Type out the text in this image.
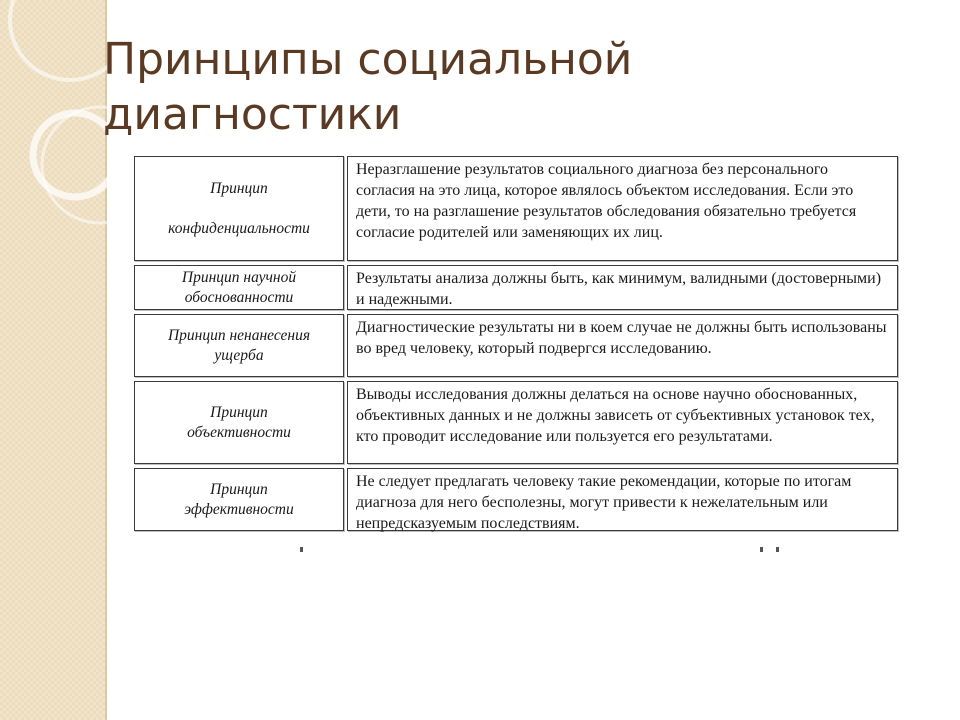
Принципы социальной
диагностики
Принцип
конфиденциальности
Неразглашение результатов социального диагноза без персонального согласия на это лица, которое являлось объектом исследования. Если это дети, то на разглашение результатов обследования обязательно требуется согласие родителей или заменяющих их лиц.
Принцип научной
обоснованности
Результаты анализа должны быть, как минимум, валидными (достоверными) и надежными.
Принцип ненанесения
ущерба
Диагностические результаты ни в коем случае не должны быть использованы во вред человеку, который подвергся исследованию.
Принцип
объективности
Выводы исследования должны делаться на основе научно обоснованных, объективных данных и не должны зависеть от субъективных установок тех, кто проводит исследование или пользуется его результатами.
Принцип
эффективности
Не следует предлагать человеку такие рекомендации, которые по итогам диагноза для него бесполезны, могут привести к нежелательным или непредсказуемым последствиям.
